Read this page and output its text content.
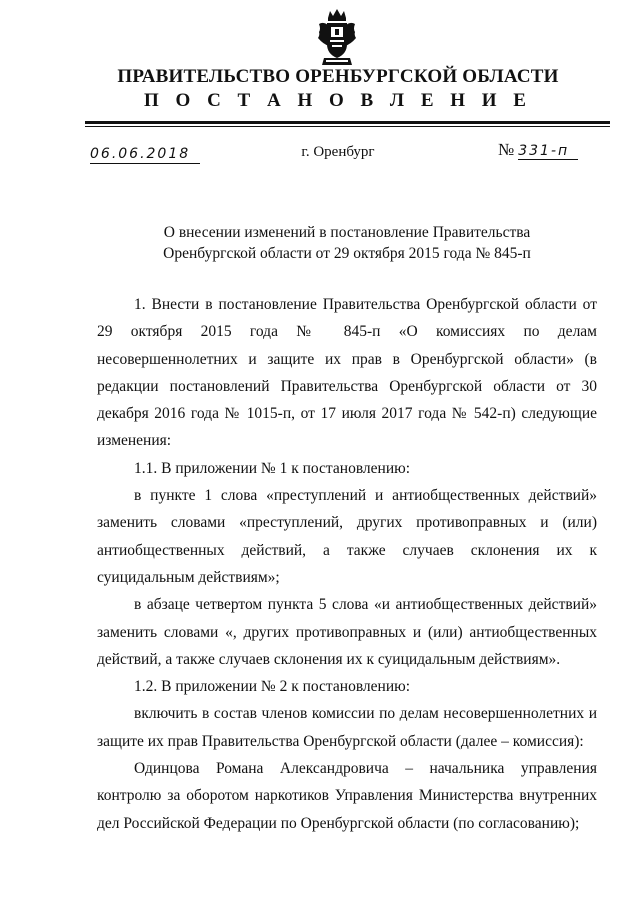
ПРАВИТЕЛЬСТВО ОРЕНБУРГСКОЙ ОБЛАСТИ
П О С Т А Н О В Л Е Н И Е
06.06.2018	г. Оренбург	№ 331-п
О внесении изменений в постановление Правительства
Оренбургской области от 29 октября 2015 года № 845-п

1. Внести в постановление Правительства Оренбургской области от 29 октября 2015 года № 845-п «О комиссиях по делам несовершеннолетних и защите их прав в Оренбургской области» (в редакции постановлений Правительства Оренбургской области от 30 декабря 2016 года № 1015-п, от 17 июля 2017 года № 542-п) следующие изменения:

1.1. В приложении № 1 к постановлению:

в пункте 1 слова «преступлений и антиобщественных действий» заменить словами «преступлений, других противоправных и (или) антиобщественных действий, а также случаев склонения их к суицидальным действиям»;

в абзаце четвертом пункта 5 слова «и антиобщественных действий» заменить словами «, других противоправных и (или) антиобщественных действий, а также случаев склонения их к суицидальным действиям».

1.2. В приложении № 2 к постановлению:

включить в состав членов комиссии по делам несовершеннолетних и защите их прав Правительства Оренбургской области (далее – комиссия):

Одинцова Романа Александровича – начальника управления контролю за оборотом наркотиков Управления Министерства внутренних дел Российской Федерации по Оренбургской области (по согласованию);
